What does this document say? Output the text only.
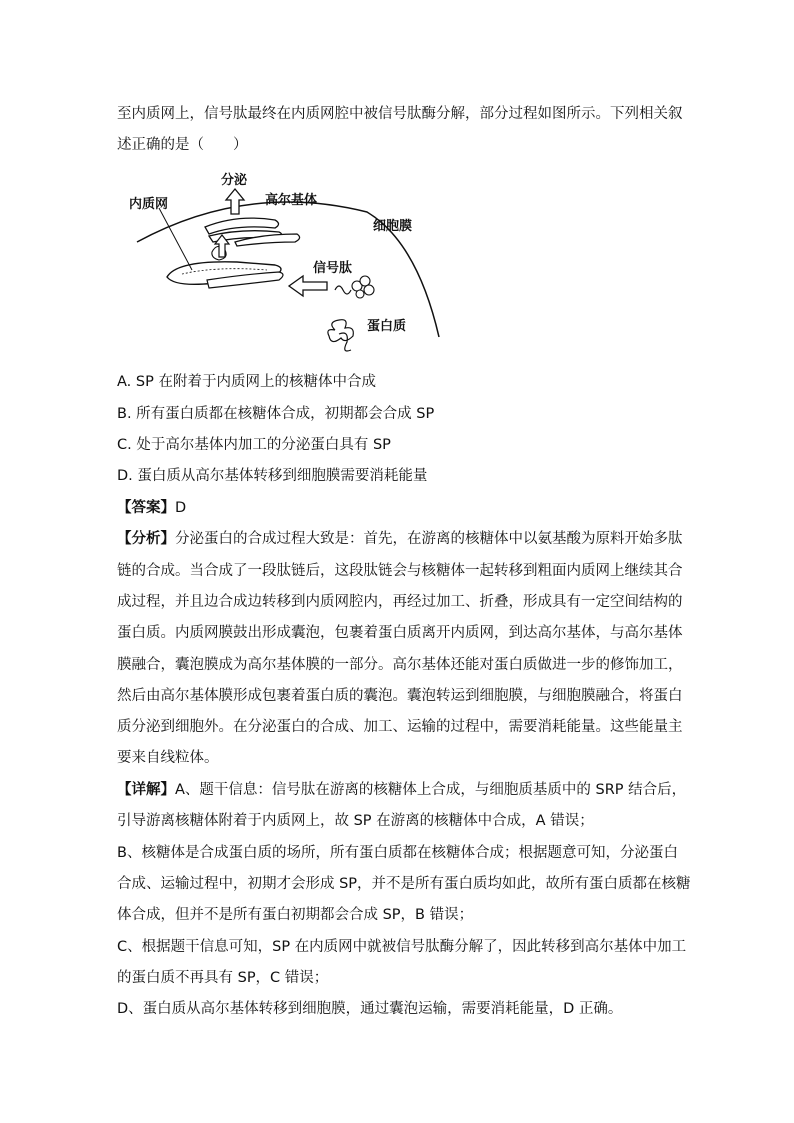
至内质网上，信号肽最终在内质网腔中被信号肽酶分解，部分过程如图所示。下列相关叙
述正确的是（　　）
内质网
分泌
高尔基体
细胞膜
信号肽
蛋白质
A. SP 在附着于内质网上的核糖体中合成
B. 所有蛋白质都在核糖体合成，初期都会合成 SP
C. 处于高尔基体内加工的分泌蛋白具有 SP
D. 蛋白质从高尔基体转移到细胞膜需要消耗能量
【答案】D
【分析】分泌蛋白的合成过程大致是：首先，在游离的核糖体中以氨基酸为原料开始多肽
链的合成。当合成了一段肽链后，这段肽链会与核糖体一起转移到粗面内质网上继续其合
成过程，并且边合成边转移到内质网腔内，再经过加工、折叠，形成具有一定空间结构的
蛋白质。内质网膜鼓出形成囊泡，包裹着蛋白质离开内质网，到达高尔基体，与高尔基体
膜融合，囊泡膜成为高尔基体膜的一部分。高尔基体还能对蛋白质做进一步的修饰加工，
然后由高尔基体膜形成包裹着蛋白质的囊泡。囊泡转运到细胞膜，与细胞膜融合，将蛋白
质分泌到细胞外。在分泌蛋白的合成、加工、运输的过程中，需要消耗能量。这些能量主
要来自线粒体。
【详解】A、题干信息：信号肽在游离的核糖体上合成，与细胞质基质中的 SRP 结合后，
引导游离核糖体附着于内质网上，故 SP 在游离的核糖体中合成，A 错误；
B、核糖体是合成蛋白质的场所，所有蛋白质都在核糖体合成；根据题意可知，分泌蛋白
合成、运输过程中，初期才会形成 SP，并不是所有蛋白质均如此，故所有蛋白质都在核糖
体合成，但并不是所有蛋白初期都会合成 SP，B 错误；
C、根据题干信息可知，SP 在内质网中就被信号肽酶分解了，因此转移到高尔基体中加工
的蛋白质不再具有 SP，C 错误；
D、蛋白质从高尔基体转移到细胞膜，通过囊泡运输，需要消耗能量，D 正确。
